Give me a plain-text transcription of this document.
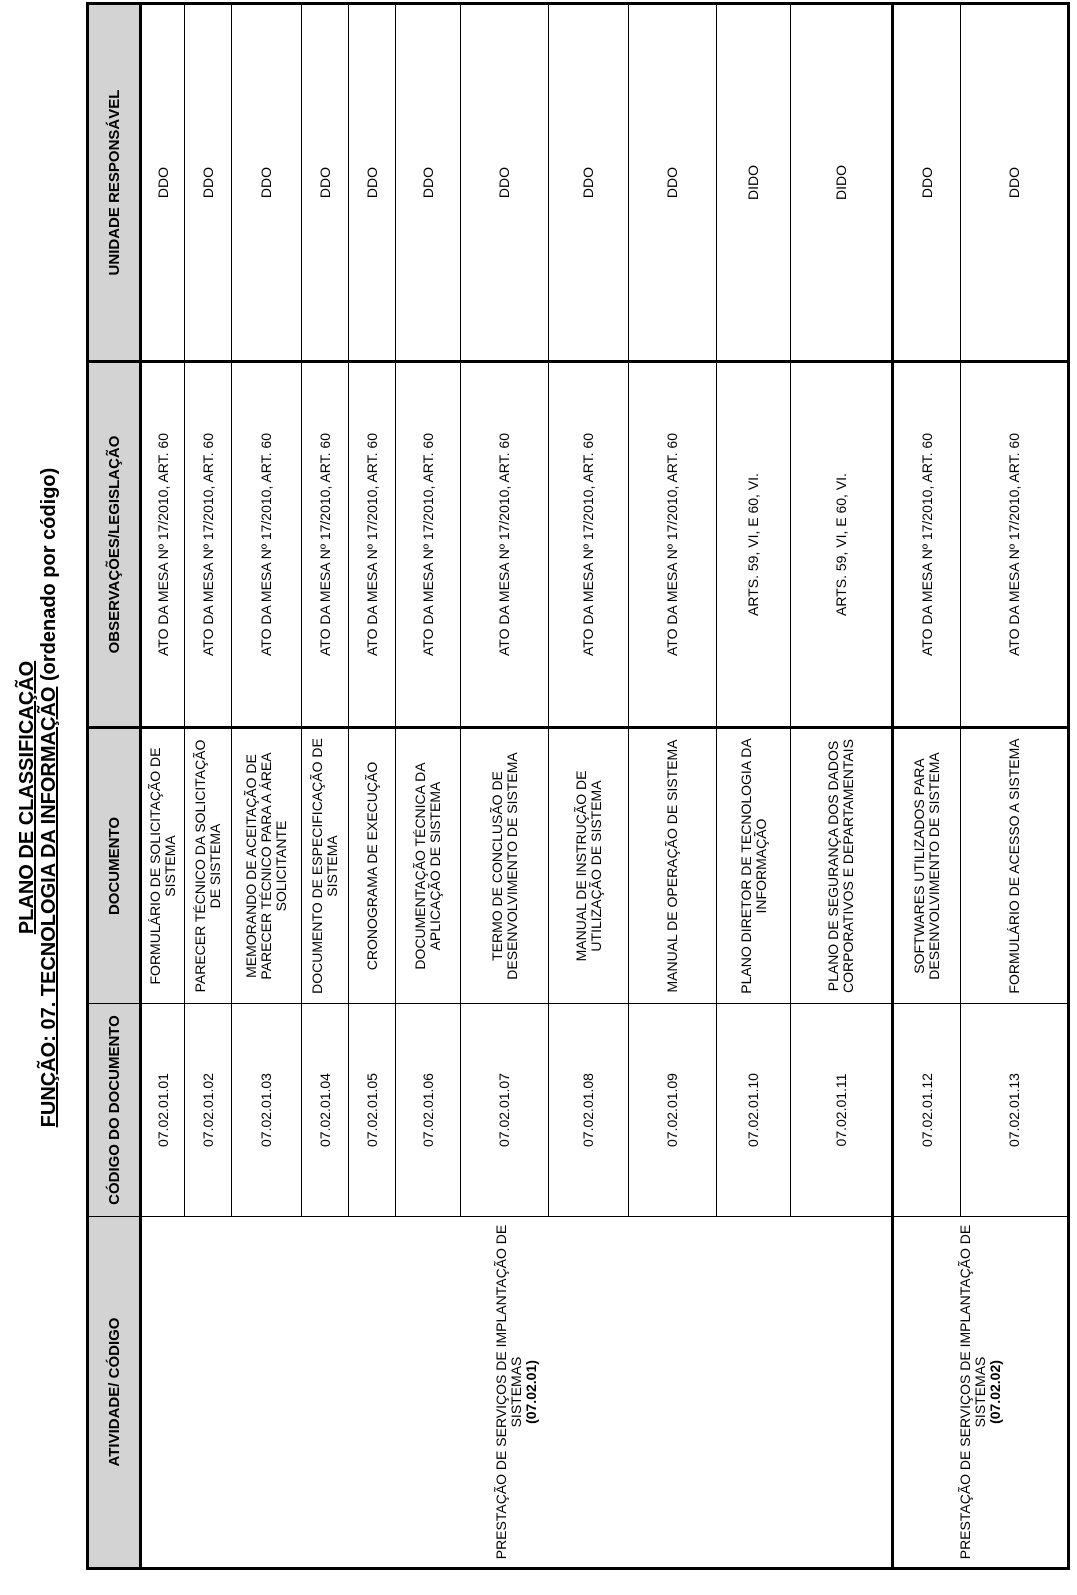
PLANO DE CLASSIFICAÇÃO FUNÇÃO: 07. TECNOLOGIA DA INFORMAÇÃO (ordenado por código)
ATIVIDADE/ CÓDIGO	CÓDIGO DO DOCUMENTO	DOCUMENTO	OBSERVAÇÕES/LEGISLAÇÃO	UNIDADE RESPONSÁVEL
PRESTAÇÃO DE SERVIÇOS DE IMPLANTAÇÃO DE SISTEMAS (07.02.01)	07.02.01.01	FORMULÁRIO DE SOLICITAÇÃO DE SISTEMA	ATO DA MESA Nº 17/2010, ART. 60	DDO
	07.02.01.02	PARECER TÉCNICO DA SOLICITAÇÃO DE SISTEMA	ATO DA MESA Nº 17/2010, ART. 60	DDO
	07.02.01.03	MEMORANDO DE ACEITAÇÃO DE PARECER TÉCNICO PARA A ÁREA SOLICITANTE	ATO DA MESA Nº 17/2010, ART. 60	DDO
	07.02.01.04	DOCUMENTO DE ESPECIFICAÇÃO DE SISTEMA	ATO DA MESA Nº 17/2010, ART. 60	DDO
	07.02.01.05	CRONOGRAMA DE EXECUÇÃO	ATO DA MESA Nº 17/2010, ART. 60	DDO
	07.02.01.06	DOCUMENTAÇÃO TÉCNICA DA APLICAÇÃO DE SISTEMA	ATO DA MESA Nº 17/2010, ART. 60	DDO
	07.02.01.07	TERMO DE CONCLUSÃO DE DESENVOLVIMENTO DE SISTEMA	ATO DA MESA Nº 17/2010, ART. 60	DDO
	07.02.01.08	MANUAL DE INSTRUÇÃO DE UTILIZAÇÃO DE SISTEMA	ATO DA MESA Nº 17/2010, ART. 60	DDO
	07.02.01.09	MANUAL DE OPERAÇÃO DE SISTEMA	ATO DA MESA Nº 17/2010, ART. 60	DDO
	07.02.01.10	PLANO DIRETOR DE TECNOLOGIA DA INFORMAÇÃO	ARTS. 59, VI, E 60, VI.	DIDO
	07.02.01.11	PLANO DE SEGURANÇA DOS DADOS CORPORATIVOS E DEPARTAMENTAIS	ARTS. 59, VI, E 60, VI.	DIDO
PRESTAÇÃO DE SERVIÇOS DE IMPLANTAÇÃO DE SISTEMAS (07.02.02)	07.02.01.12	SOFTWARES UTILIZADOS PARA DESENVOLVIMENTO DE SISTEMA	ATO DA MESA Nº 17/2010, ART. 60	DDO
	07.02.01.13	FORMULÁRIO DE ACESSO A SISTEMA	ATO DA MESA Nº 17/2010, ART. 60	DDO
